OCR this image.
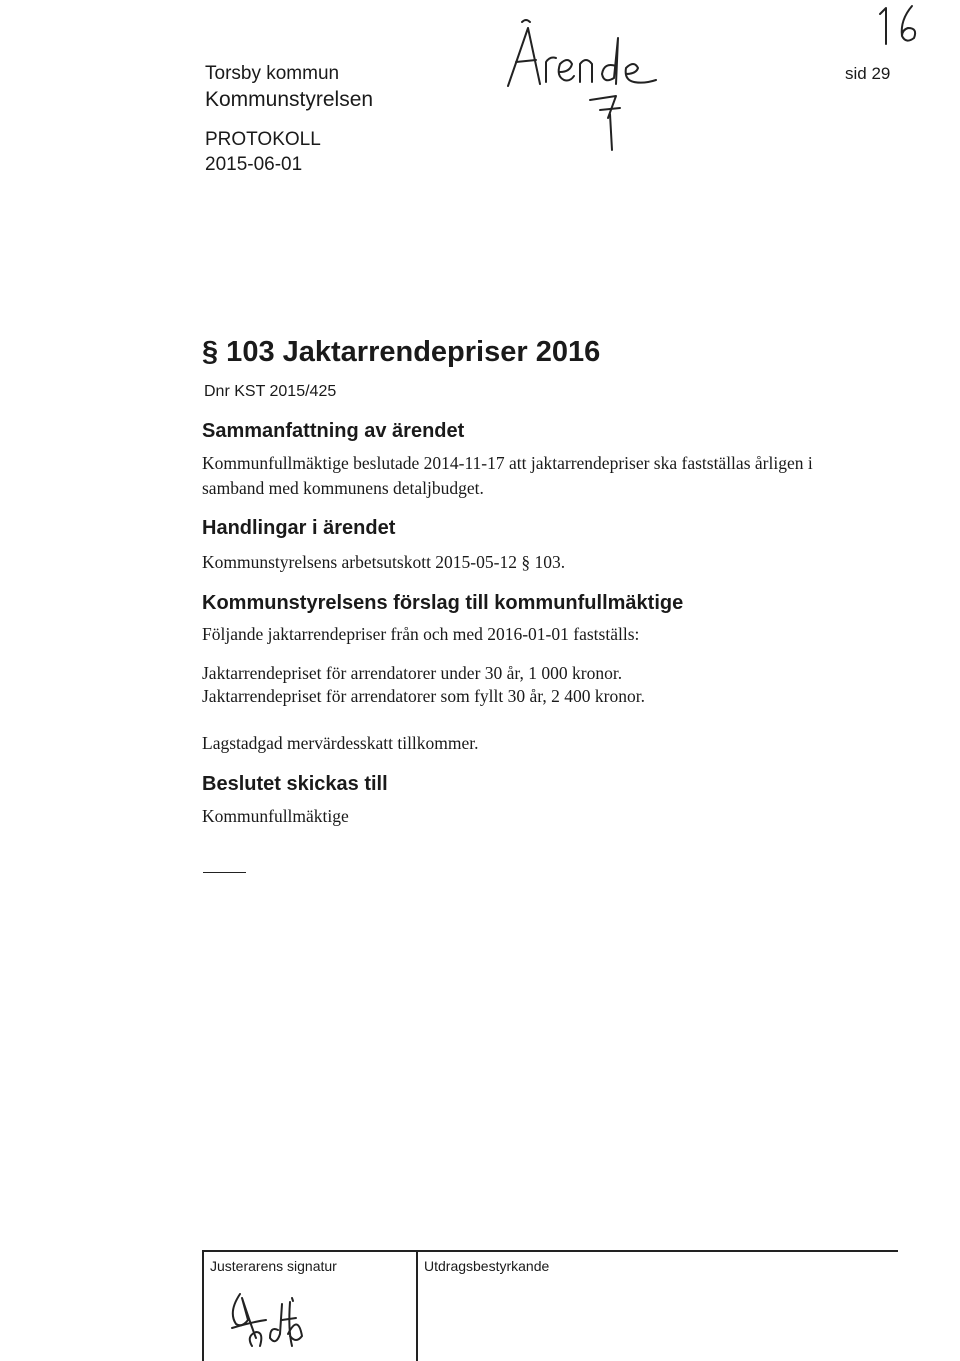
Torsby kommun
Kommunstyrelsen
PROTOKOLL
2015-06-01
sid 29
§ 103 Jaktarrendepriser 2016
Dnr KST 2015/425
Sammanfattning av ärendet
Kommunfullmäktige beslutade 2014-11-17 att jaktarrendepriser ska fastställas årligen i
samband med kommunens detaljbudget.
Handlingar i ärendet
Kommunstyrelsens arbetsutskott 2015-05-12 § 103.
Kommunstyrelsens förslag till kommunfullmäktige
Följande jaktarrendepriser från och med 2016-01-01 fastställs:
Jaktarrendepriset för arrendatorer under 30 år, 1 000 kronor.
Jaktarrendepriset för arrendatorer som fyllt 30 år, 2 400 kronor.
Lagstadgad mervärdesskatt tillkommer.
Beslutet skickas till
Kommunfullmäktige
Justerarens signatur	Utdragsbestyrkande
